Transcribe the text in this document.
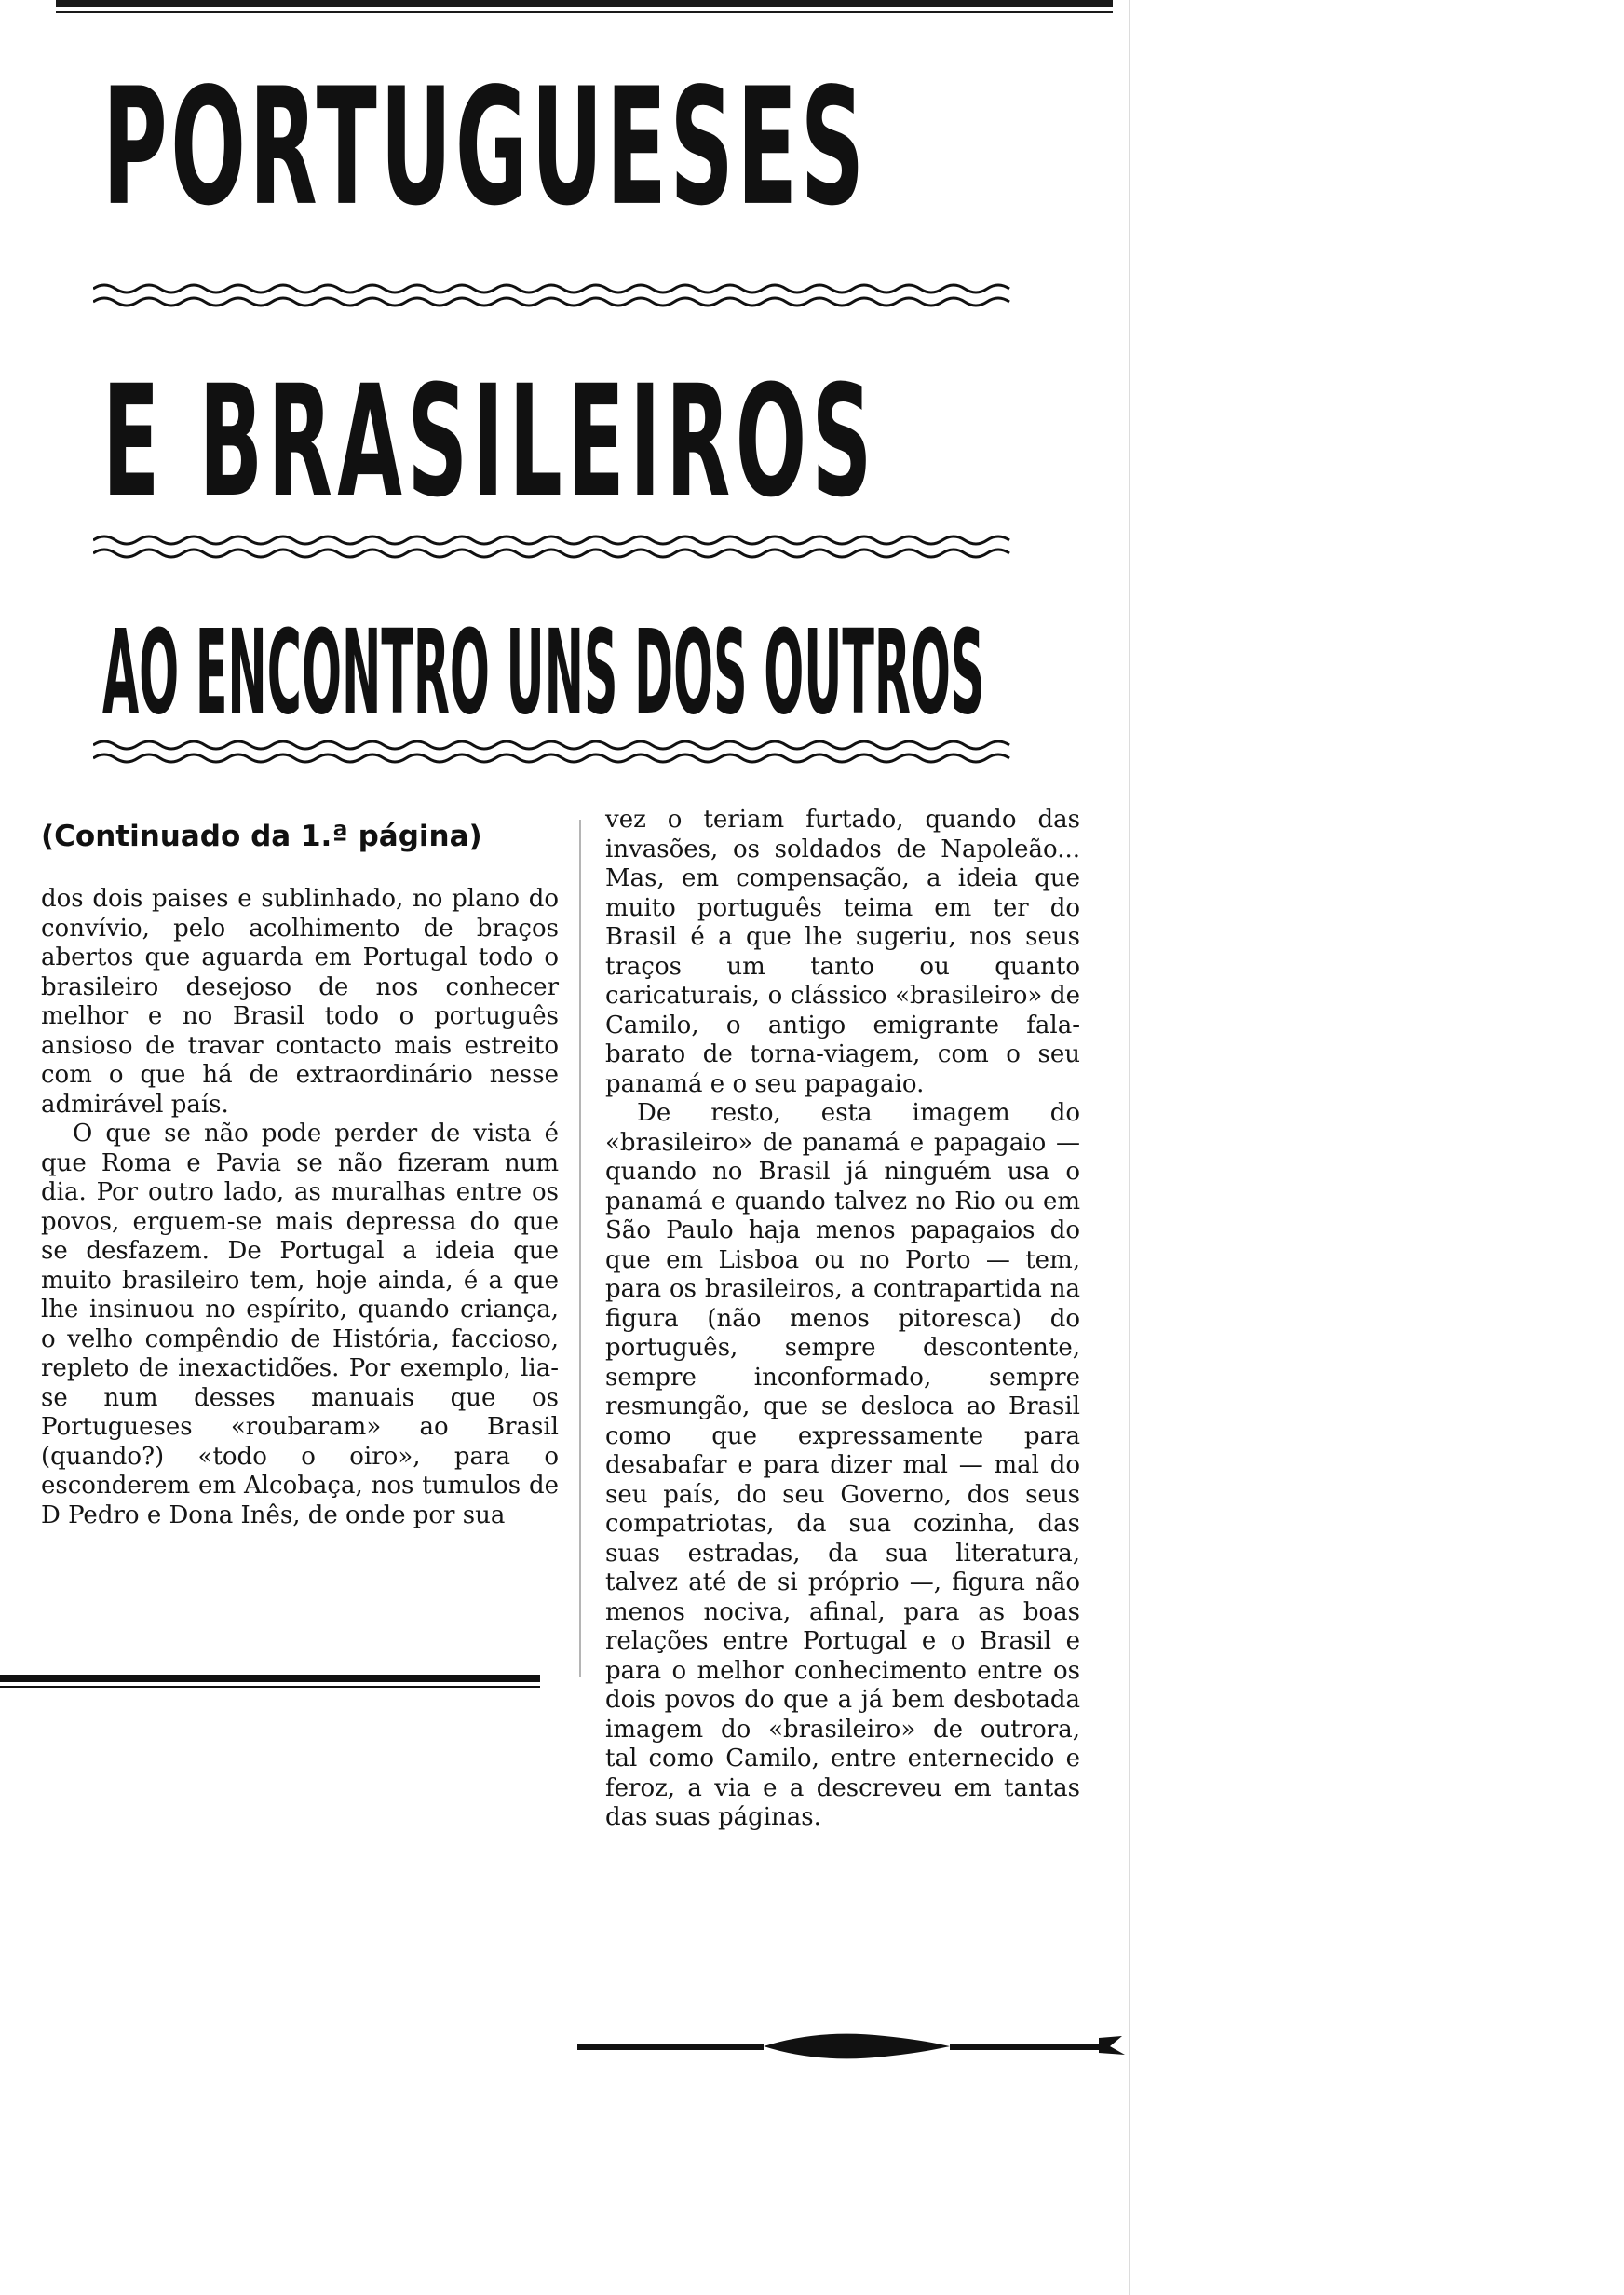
PORTUGUESES
E BRASILEIROS
AO ENCONTRO UNS DOS OUTROS
(Continuado da 1.ª página)

dos dois paises e sublinhado, no plano do convívio, pelo acolhimento de braços abertos que aguarda em Portugal todo o brasileiro desejoso de nos conhecer melhor e no Brasil todo o português ansioso de travar contacto mais estreito com o que há de extraordinário nesse admirável país.

O que se não pode perder de vista é que Roma e Pavia se não fizeram num dia. Por outro lado, as muralhas entre os povos, erguem-se mais depressa do que se desfazem. De Portugal a ideia que muito brasileiro tem, hoje ainda, é a que lhe insinuou no espírito, quando criança, o velho compêndio de História, faccioso, repleto de inexactidões. Por exemplo, lia-se num desses manuais que os Portugueses «roubaram» ao Brasil (quando?) «todo o oiro», para o esconderem em Alcobaça, nos tumulos de D Pedro e Dona Inês, de onde por sua

vez o teriam furtado, quando das invasões, os soldados de Napoleão... Mas, em compensação, a ideia que muito português teima em ter do Brasil é a que lhe sugeriu, nos seus traços um tanto ou quanto caricaturais, o clássico «brasileiro» de Camilo, o antigo emigrante fala-barato de torna-viagem, com o seu panamá e o seu papagaio.

De resto, esta imagem do «brasileiro» de panamá e papagaio — quando no Brasil já ninguém usa o panamá e quando talvez no Rio ou em São Paulo haja menos papagaios do que em Lisboa ou no Porto — tem, para os brasileiros, a contrapartida na figura (não menos pitoresca) do português, sempre descontente, sempre inconformado, sempre resmungão, que se desloca ao Brasil como que expressamente para desabafar e para dizer mal — mal do seu país, do seu Governo, dos seus compatriotas, da sua cozinha, das suas estradas, da sua literatura, talvez até de si próprio —, figura não menos nociva, afinal, para as boas relações entre Portugal e o Brasil e para o melhor conhecimento entre os dois povos do que a já bem desbotada imagem do «brasileiro» de outrora, tal como Camilo, entre enternecido e feroz, a via e a descreveu em tantas das suas páginas.
